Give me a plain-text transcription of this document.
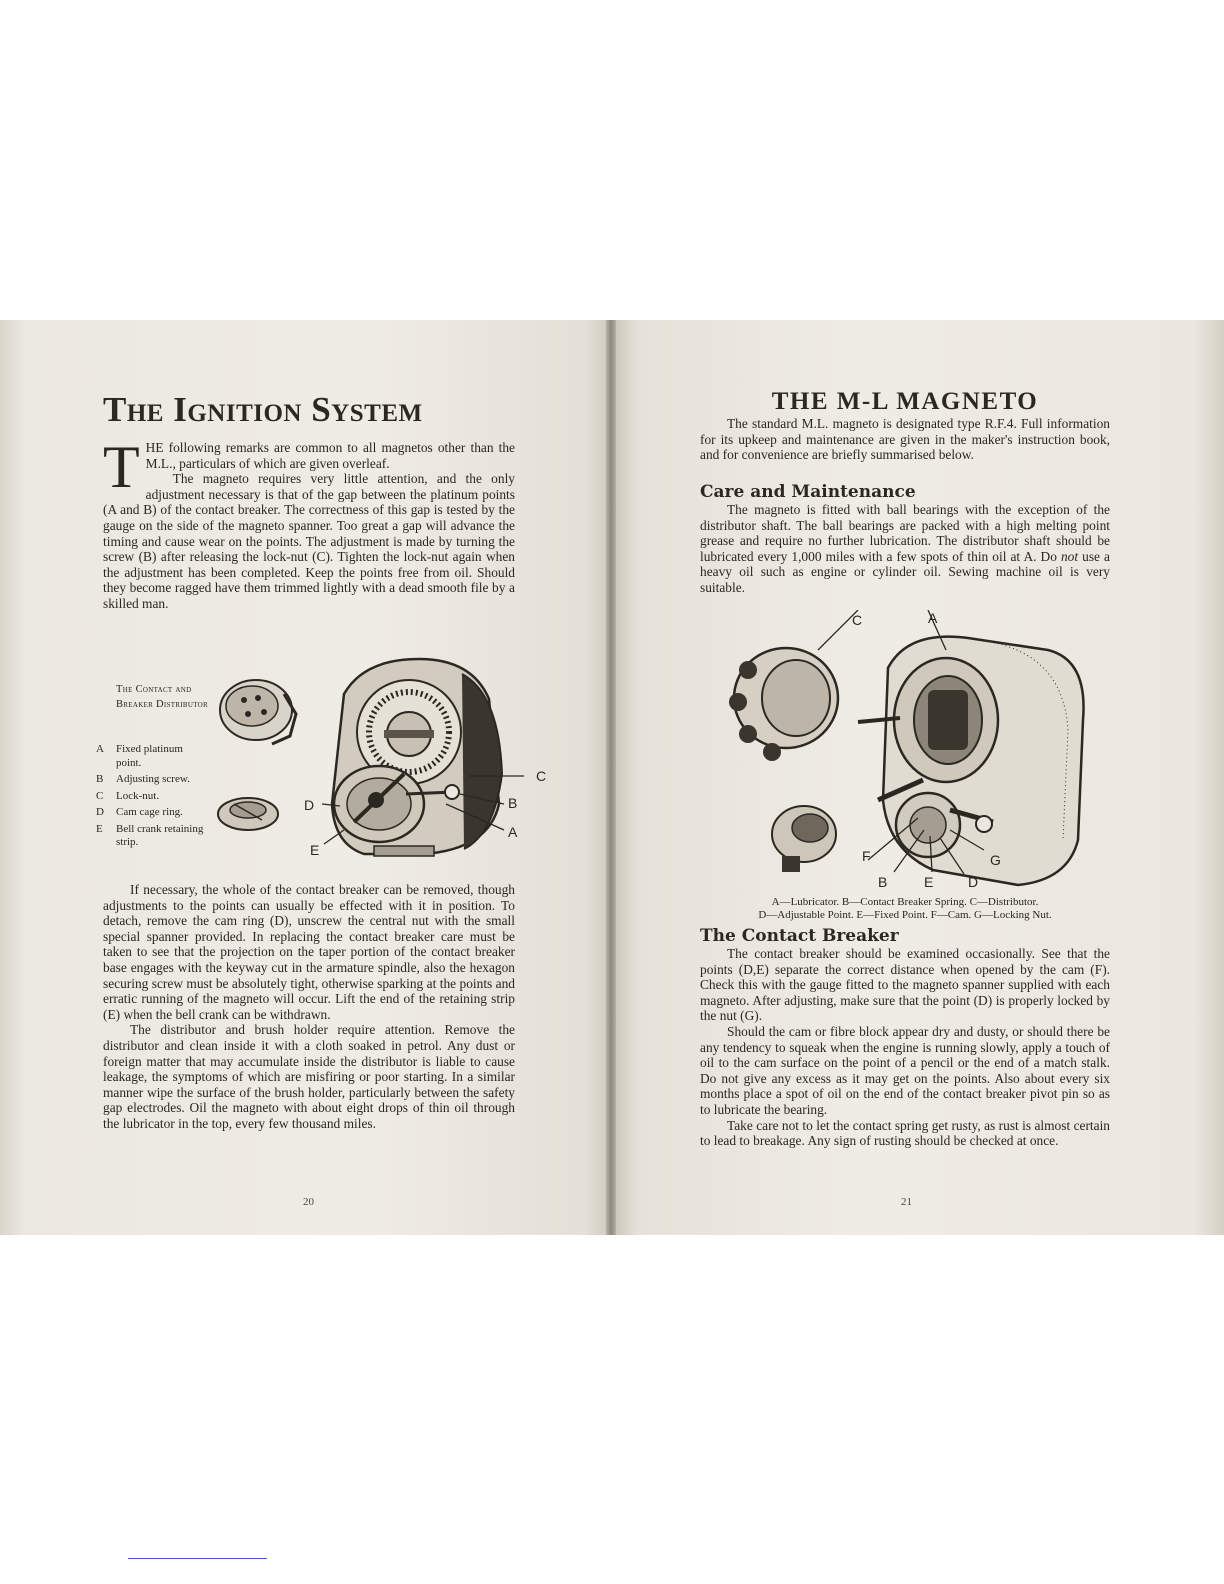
The Ignition System

THE following remarks are common to all magnetos other than the M.L., particulars of which are given overleaf.

The magneto requires very little attention, and the only adjustment necessary is that of the gap between the platinum points (A and B) of the contact breaker. The correctness of this gap is tested by the gauge on the side of the magneto spanner. Too great a gap will advance the timing and cause wear on the points. The adjustment is made by turning the screw (B) after releasing the lock-nut (C). Tighten the lock-nut again when the adjustment has been completed. Keep the points free from oil. Should they become ragged have them trimmed lightly with a dead smooth file by a skilled man.

The Contact and Breaker Distributor
A	Fixed platinum point.
B	Adjusting screw.
C	Lock-nut.
D	Cam cage ring.
E	Bell crank retaining strip.
C
B
A
D
E

If necessary, the whole of the contact breaker can be removed, though adjustments to the points can usually be effected with it in position. To detach, remove the cam ring (D), unscrew the central nut with the small special spanner provided. In replacing the contact breaker care must be taken to see that the projection on the taper portion of the contact breaker base engages with the keyway cut in the armature spindle, also the hexagon securing screw must be absolutely tight, otherwise sparking at the points and erratic running of the magneto will occur. Lift the end of the retaining strip (E) when the bell crank can be withdrawn.

The distributor and brush holder require attention. Remove the distributor and clean inside it with a cloth soaked in petrol. Any dust or foreign matter that may accumulate inside the distributor is liable to cause leakage, the symptoms of which are misfiring or poor starting. In a similar manner wipe the surface of the brush holder, particularly between the safety gap electrodes. Oil the magneto with about eight drops of thin oil through the lubricator in the top, every few thousand miles.

20
THE M-L MAGNETO

The standard M.L. magneto is designated type R.F.4. Full information for its upkeep and maintenance are given in the maker's instruction book, and for convenience are briefly summarised below.

Care and Maintenance

The magneto is fitted with ball bearings with the exception of the distributor shaft. The ball bearings are packed with a high melting point grease and require no further lubrication. The distributor shaft should be lubricated every 1,000 miles with a few spots of thin oil at A. Do not use a heavy oil such as engine or cylinder oil. Sewing machine oil is very suitable.

C	A
F	G
B	E D
A—Lubricator. B—Contact Breaker Spring. C—Distributor.
D—Adjustable Point. E—Fixed Point. F—Cam. G—Locking Nut.
The Contact Breaker

The contact breaker should be examined occasionally. See that the points (D,E) separate the correct distance when opened by the cam (F). Check this with the gauge fitted to the magneto spanner supplied with each magneto. After adjusting, make sure that the point (D) is properly locked by the nut (G).

Should the cam or fibre block appear dry and dusty, or should there be any tendency to squeak when the engine is running slowly, apply a touch of oil to the cam surface on the point of a pencil or the end of a match stalk. Do not give any excess as it may get on the points. Also about every six months place a spot of oil on the end of the contact breaker pivot pin so as to lubricate the bearing.

Take care not to let the contact spring get rusty, as rust is almost certain to lead to breakage. Any sign of rusting should be checked at once.

21
